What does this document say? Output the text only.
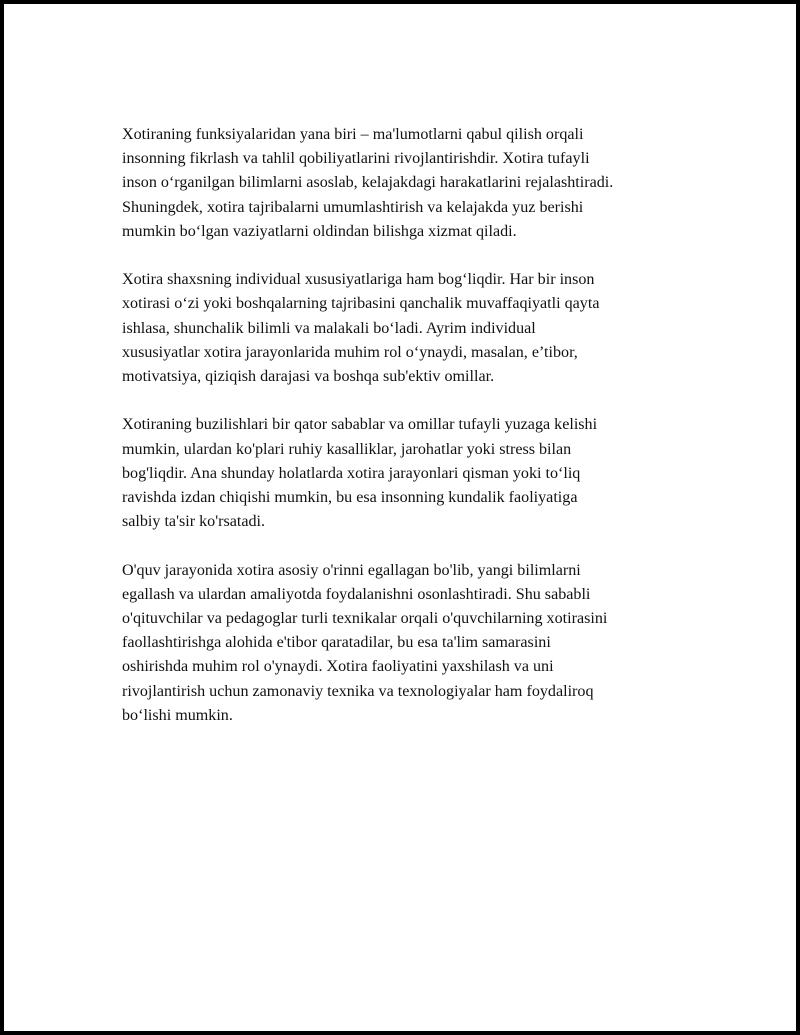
Xotiraning funksiyalaridan yana biri – ma'lumotlarni qabul qilish orqali
insonning fikrlash va tahlil qobiliyatlarini rivojlantirishdir. Xotira tufayli
inson oʻrganilgan bilimlarni asoslab, kelajakdagi harakatlarini rejalashtiradi.
Shuningdek, xotira tajribalarni umumlashtirish va kelajakda yuz berishi
mumkin boʻlgan vaziyatlarni oldindan bilishga xizmat qiladi.

Xotira shaxsning individual xususiyatlariga ham bogʻliqdir. Har bir inson
xotirasi oʻzi yoki boshqalarning tajribasini qanchalik muvaffaqiyatli qayta
ishlasa, shunchalik bilimli va malakali boʻladi. Ayrim individual
xususiyatlar xotira jarayonlarida muhim rol oʻynaydi, masalan, e’tibor,
motivatsiya, qiziqish darajasi va boshqa sub'ektiv omillar.

Xotiraning buzilishlari bir qator sabablar va omillar tufayli yuzaga kelishi
mumkin, ulardan ko'plari ruhiy kasalliklar, jarohatlar yoki stress bilan
bog'liqdir. Ana shunday holatlarda xotira jarayonlari qisman yoki toʻliq
ravishda izdan chiqishi mumkin, bu esa insonning kundalik faoliyatiga
salbiy ta'sir ko'rsatadi.

O'quv jarayonida xotira asosiy o'rinni egallagan bo'lib, yangi bilimlarni
egallash va ulardan amaliyotda foydalanishni osonlashtiradi. Shu sababli
o'qituvchilar va pedagoglar turli texnikalar orqali o'quvchilarning xotirasini
faollashtirishga alohida e'tibor qaratadilar, bu esa ta'lim samarasini
oshirishda muhim rol o'ynaydi. Xotira faoliyatini yaxshilash va uni
rivojlantirish uchun zamonaviy texnika va texnologiyalar ham foydaliroq
boʻlishi mumkin.
